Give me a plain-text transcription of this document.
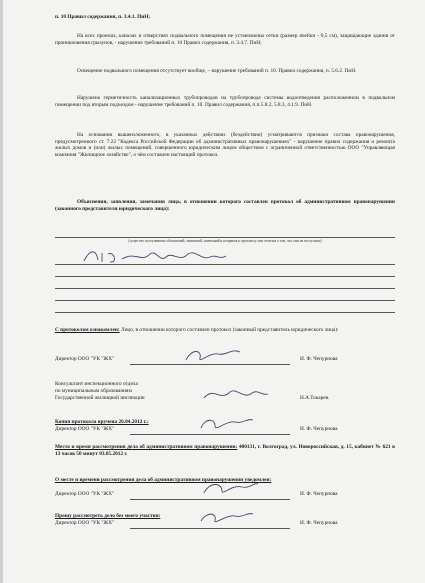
п. 10 Правил содержания, п. 3.4.1. ПиН;
На всех проемах, каналах и отверстиях подвального помещения не установлены сетки (размер ячейки - 0,5 см), защищающие здания от проникновения грызунов, - нарушение требований п. 10 Правил содержания, п. 3.4.7. ПиН;
Освещение подвального помещения отсутствует вообще, – нарушение требований п. 10. Правил содержания, п. 5.6.2. ПиН.
Нарушена герметичность канализационных трубопроводов на трубопроводе системы водоотведения расположенном в подвальном помещении под вторым подъездом - нарушение требований п. 10. Правил содержания, п.п.5.8.2, 5.8.3, 4.1.9. ПиН.
На основании вышеизложенного, в указанных действиях (бездействии) усматриваются признаки состава правонарушения, предусмотренного ст. 7.22 "Кодекса Российской Федерации об административных правонарушениях" - нарушение правил содержания и ремонта жилых домов и (или) жилых помещений, совершенного юридическим лицом обществом с ограниченной ответственностью ООО "Управляющая компания "Жилищное хозяйство", о чём составлен настоящий протокол.
Объяснения, заявления, замечания лица, в отношении которого составлен протокол об административном правонарушении (законного представителя юридического лица):
(существо поступивших объяснений, заявлений, замечаний и поправок к протоколу или отметка о том, что они не поступили)
С протоколом ознакомлен: Лицо, в отношении которого составлен протокол (законный представитель юридического лица):
Директор ООО "УК "ЖХ"	И. Ф. Чепурнова
Консультант инспекционного отдела
по муниципальным образованиям
Государственной жилищной инспекции	Н.А.Токарев.
Копия протокола вручена 26.04.2012 г.:
Директор ООО "УК "ЖХ"	И. Ф. Чепурнова
Место и время рассмотрения дела об административном правонарушении: 400131, г. Волгоград, ул. Новороссийская, д. 15, кабинет № 621 в 13 часов 50 минут 03.05.2012 г.
О месте и времени рассмотрения дела об административном правонарушении уведомлен:
Директор ООО "УК "ЖХ"	И. Ф. Чепурнова
Прошу рассмотреть дело без моего участия:
Директор ООО "УК "ЖХ"	И. Ф. Чепурнова
